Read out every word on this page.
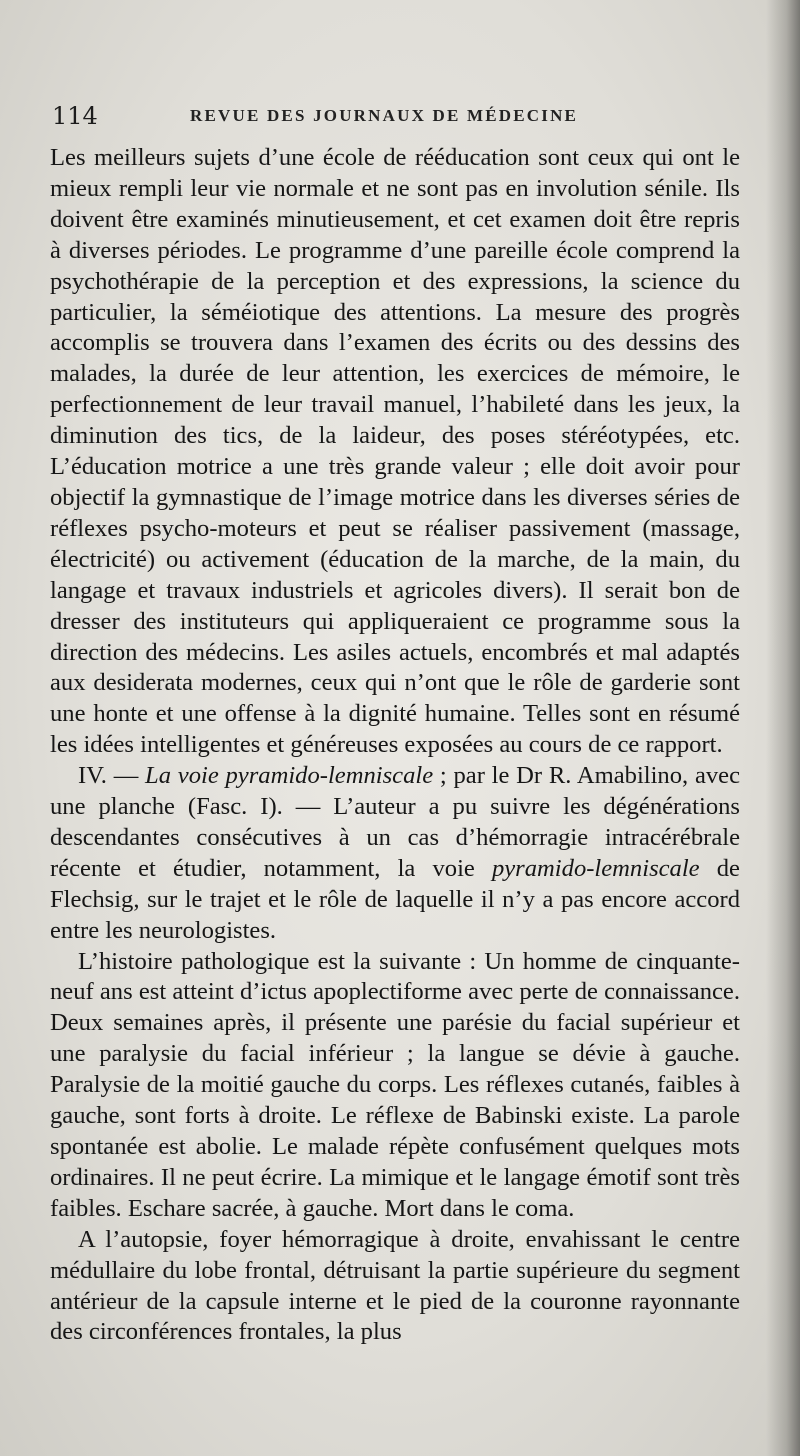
114	REVUE DES JOURNAUX DE MÉDECINE

Les meilleurs sujets d’une école de rééducation sont ceux qui ont le mieux rempli leur vie normale et ne sont pas en involution sénile. Ils doivent être examinés minutieusement, et cet examen doit être repris à diverses périodes. Le programme d’une pareille école comprend la psychothérapie de la perception et des expressions, la science du particulier, la séméiotique des attentions. La mesure des progrès accomplis se trouvera dans l’examen des écrits ou des dessins des malades, la durée de leur attention, les exercices de mémoire, le perfectionnement de leur travail manuel, l’habileté dans les jeux, la diminution des tics, de la laideur, des poses stéréotypées, etc. L’éducation motrice a une très grande valeur ; elle doit avoir pour objectif la gymnastique de l’image motrice dans les diverses séries de réflexes psycho-moteurs et peut se réaliser passivement (massage, électricité) ou activement (éducation de la marche, de la main, du langage et travaux industriels et agricoles divers). Il serait bon de dresser des instituteurs qui appliqueraient ce programme sous la direction des médecins. Les asiles actuels, encombrés et mal adaptés aux desiderata modernes, ceux qui n’ont que le rôle de garderie sont une honte et une offense à la dignité humaine. Telles sont en résumé les idées intelligentes et généreuses exposées au cours de ce rapport.

IV. — La voie pyramido-lemniscale ; par le Dr R. Amabilino, avec une planche (Fasc. I). — L’auteur a pu suivre les dégénérations descendantes consécutives à un cas d’hémorragie intracérébrale récente et étudier, notamment, la voie pyramido-lemniscale de Flechsig, sur le trajet et le rôle de laquelle il n’y a pas encore accord entre les neurologistes.

L’histoire pathologique est la suivante : Un homme de cinquante-neuf ans est atteint d’ictus apoplectiforme avec perte de connaissance. Deux semaines après, il présente une parésie du facial supérieur et une paralysie du facial inférieur ; la langue se dévie à gauche. Paralysie de la moitié gauche du corps. Les réflexes cutanés, faibles à gauche, sont forts à droite. Le réflexe de Babinski existe. La parole spontanée est abolie. Le malade répète confusément quelques mots ordinaires. Il ne peut écrire. La mimique et le langage émotif sont très faibles. Eschare sacrée, à gauche. Mort dans le coma.

A l’autopsie, foyer hémorragique à droite, envahissant le centre médullaire du lobe frontal, détruisant la partie supérieure du segment antérieur de la capsule interne et le pied de la couronne rayonnante des circonférences frontales, la plus
